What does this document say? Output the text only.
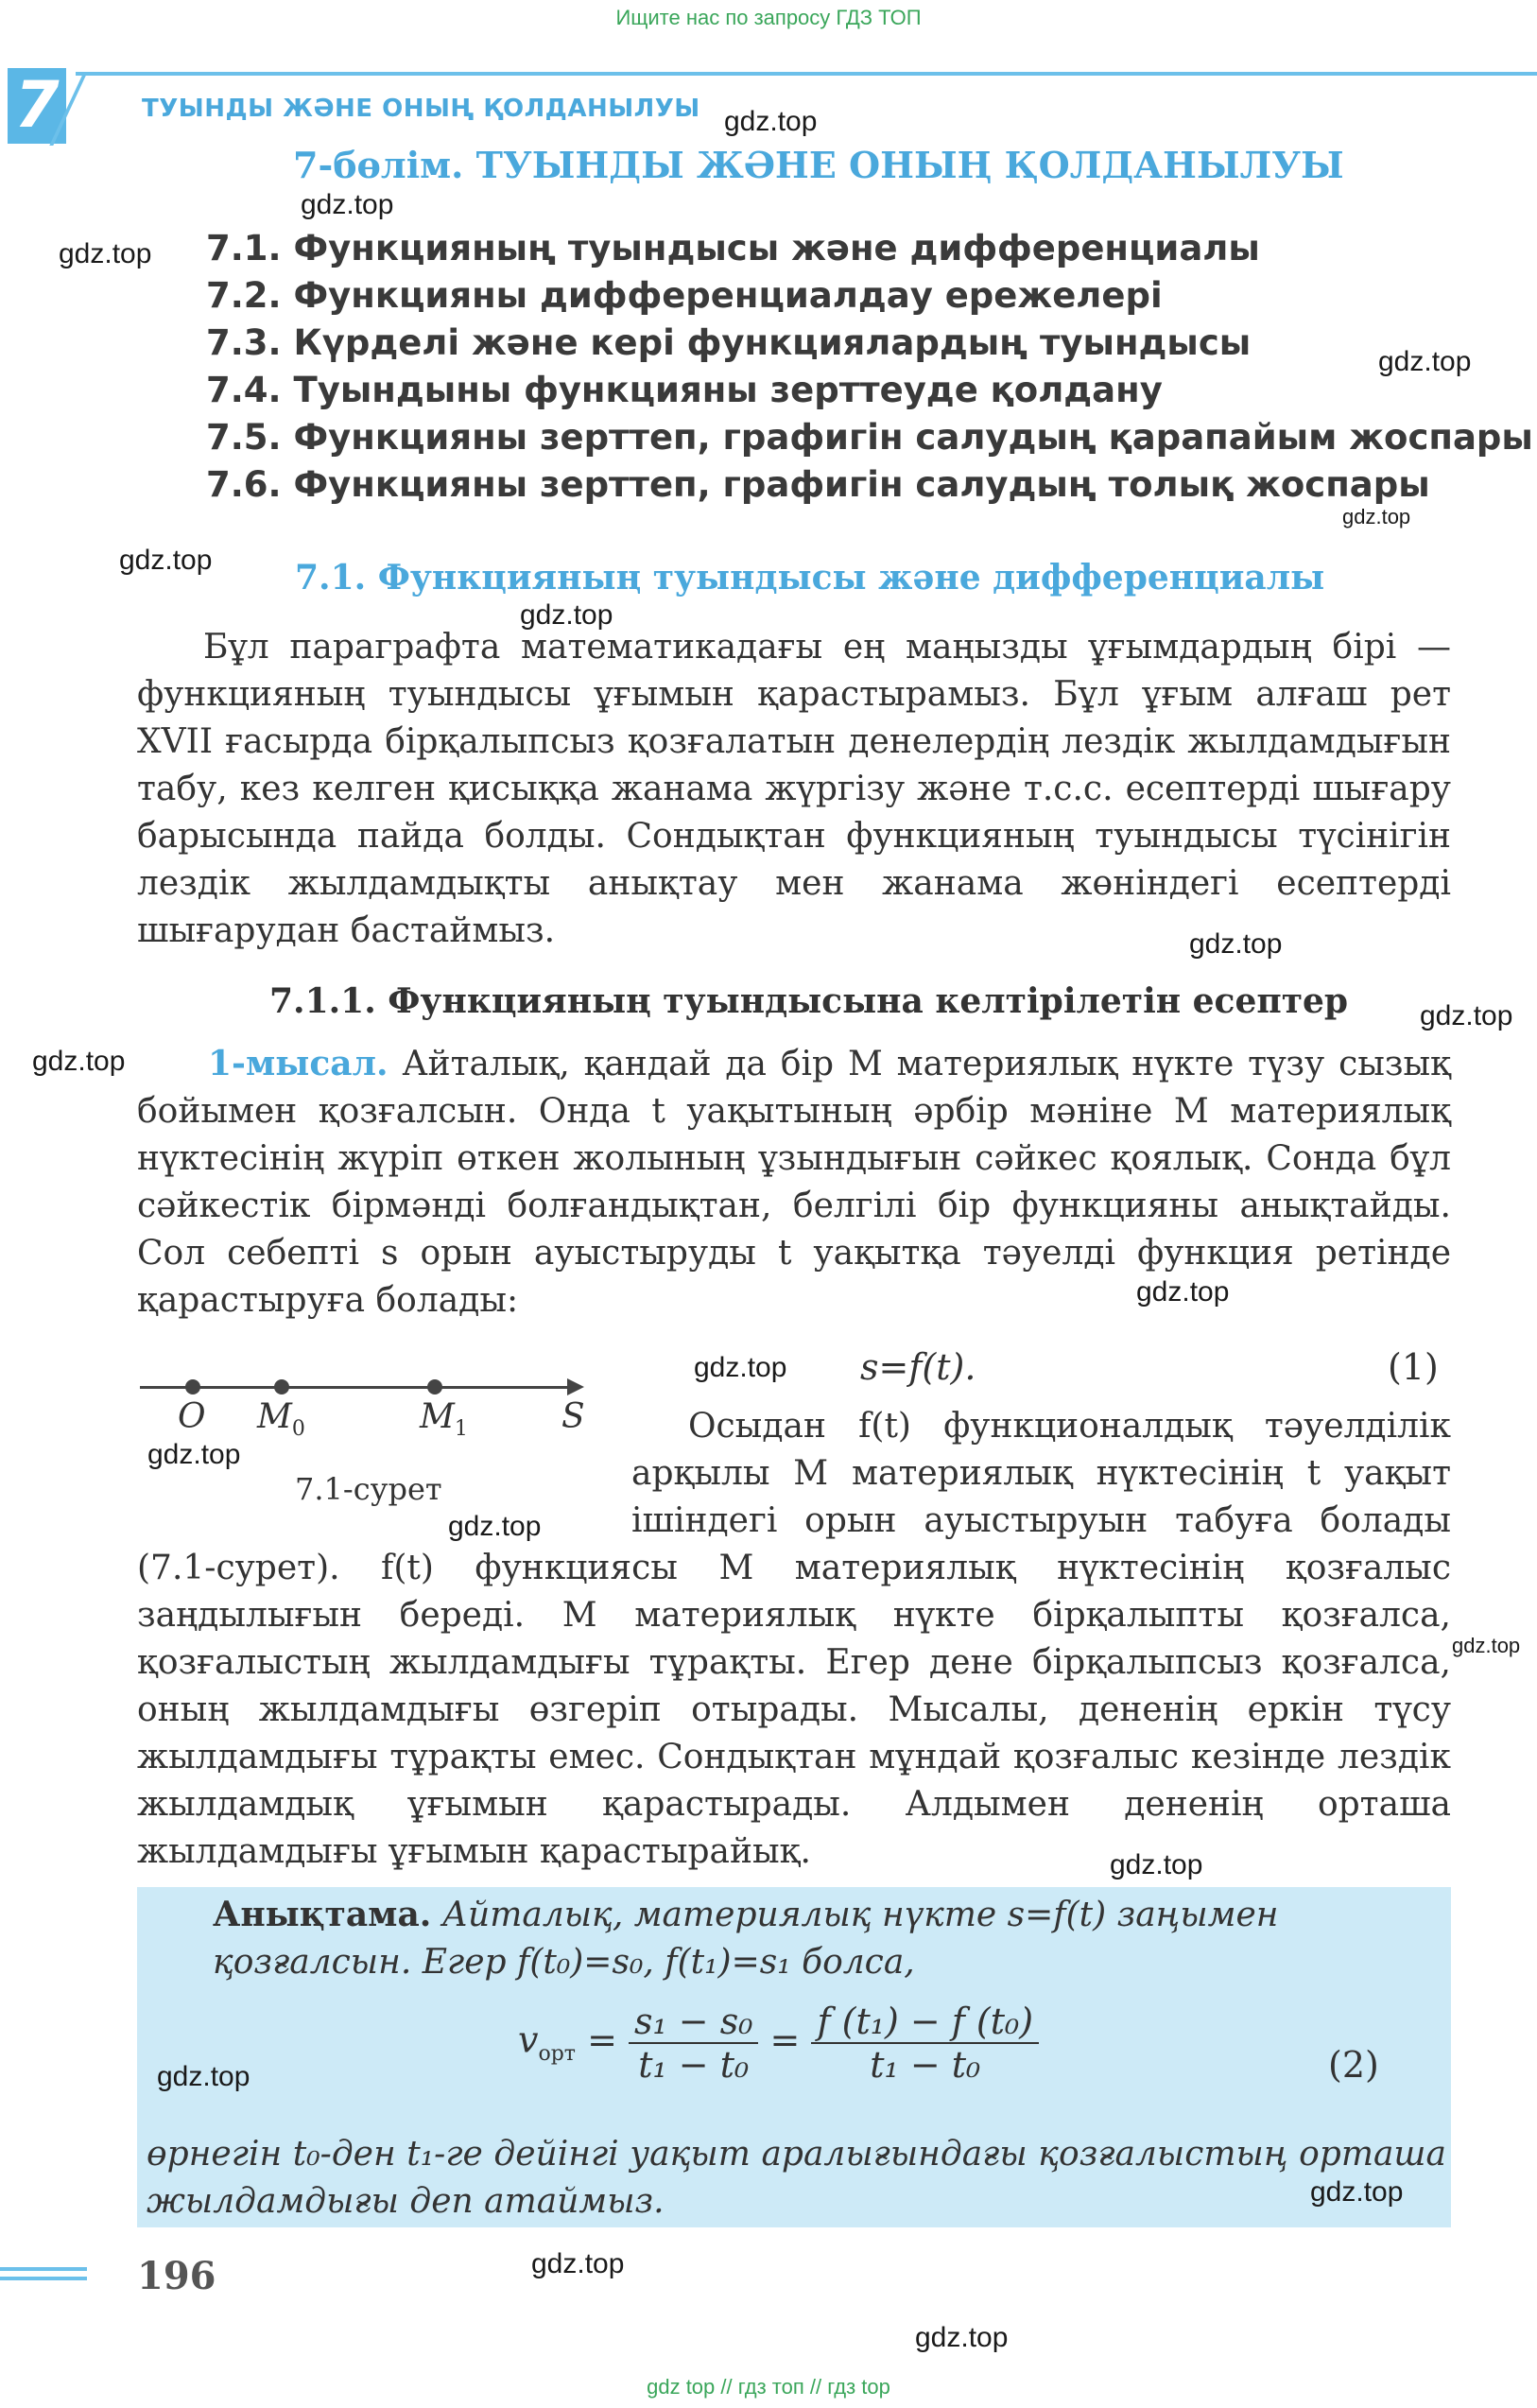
Ищите нас по запросу ГДЗ ТОП
7	ТУЫНДЫ ЖӘНЕ ОНЫҢ ҚОЛДАНЫЛУЫ
7-бөлім. ТУЫНДЫ ЖӘНЕ ОНЫҢ ҚОЛДАНЫЛУЫ
7.1. Функцияның туындысы және дифференциалы
7.2. Функцияны дифференциалдау ережелері
7.3. Күрделі және кері функциялардың туындысы
7.4. Туындыны функцияны зерттеуде қолдану
7.5. Функцияны зерттеп, графигін салудың қарапайым жоспары
7.6. Функцияны зерттеп, графигін салудың толық жоспары
7.1. Функцияның туындысы және дифференциалы
Бұл параграфта математикадағы ең маңызды ұғымдардың бірі — функцияның туындысы ұғымын қарастырамыз. Бұл ұғым алғаш рет XVII ғасырда бірқалыпсыз қозғалатын денелердің лездік жылдамдығын табу, кез келген қисыққа жанама жүргізу және т.с.с. есептерді шығару барысында пайда болды. Сондықтан функцияның туындысы түсінігін лездік жылдамдықты анықтау мен жанама жөніндегі есептерді шығарудан бастаймыз.
7.1.1. Функцияның туындысына келтірілетін есептер
1-мысал. Айталық, қандай да бір M материялық нүкте түзу сызық бойымен қозғалсын. Онда t уақытының әрбір мәніне M материялық нүктесінің жүріп өткен жолының ұзындығын сәйкес қоялық. Сонда бұл сәйкестік бірмәнді болғандықтан, белгілі бір функцияны анықтайды. Сол себепті s орын ауыстыруды t уақытқа тәуелді функция ретінде қарастыруға болады:
O $M_0$	$M_1$	S
7.1-сурет
s=f(t).	(1)
Осыдан f(t) функционалдық тәуелділік арқылы M материялық нүктесінің t уақыт ішіндегі орын ауыстыруын табуға болады
(7.1-сурет). f(t) функциясы M материялық нүктесінің қозғалыс заңдылығын береді. M материялық нүкте бірқалыпты қозғалса, қозғалыстың жылдамдығы тұрақты. Егер дене бірқалыпсыз қозғалса, оның жылдамдығы өзгеріп отырады. Мысалы, дененің еркін түсу жылдамдығы тұрақты емес. Сондықтан мұндай қозғалыс кезінде лездік жылдамдық ұғымын қарастырады. Алдымен дененің орташа жылдамдығы ұғымын қарастырайық.
Анықтама. Айталық, материялық нүкте s=f(t) заңымен қозғалсын. Егер f(t₀)=s₀, f(t₁)=s₁ болса,
$v_{орт} = \frac{\text{s₁ − s₀}}{\text{t₁ − t₀}} = \frac{\text{f (t₁) − f (t₀)}}{\text{t₁ − t₀}}$	(2)
өрнегін t₀-ден t₁-ге дейінгі уақыт аралығындағы қозғалыстың орташа жылдамдығы деп атаймыз.
196
gdz.top
gdz.top
gdz.top
gdz.top
gdz.top
gdz.top
gdz.top
gdz.top
gdz.top
gdz.top
gdz.top
gdz.top
gdz.top
gdz.top
gdz.top
gdz.top
gdz.top
gdz.top
gdz.top
gdz.top
gdz top // гдз топ // гдз top
